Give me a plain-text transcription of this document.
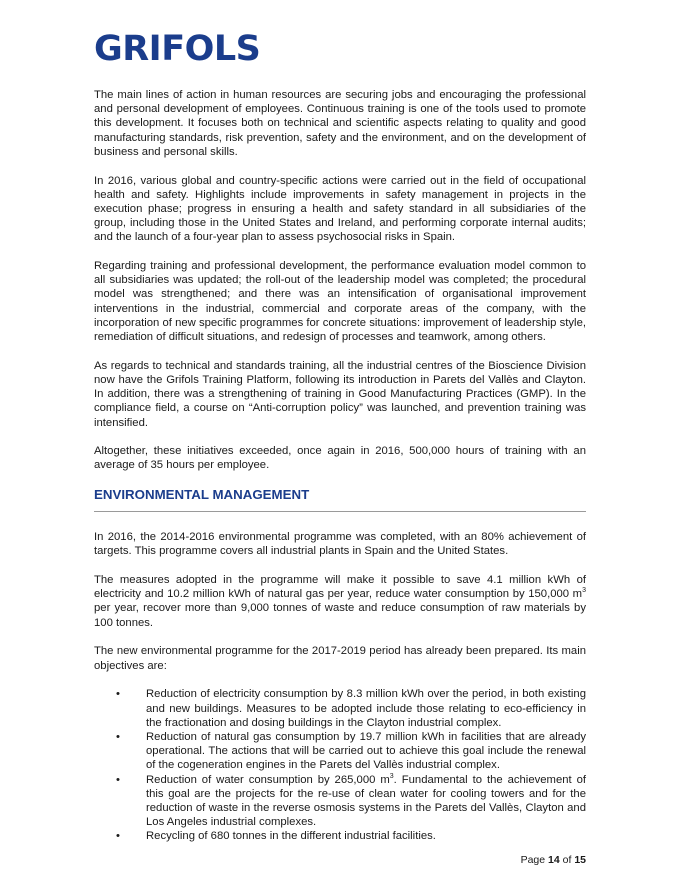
GRIFOLS

The main lines of action in human resources are securing jobs and encouraging the professional and personal development of employees. Continuous training is one of the tools used to promote this development. It focuses both on technical and scientific aspects relating to quality and good manufacturing standards, risk prevention, safety and the environment, and on the development of business and personal skills.

In 2016, various global and country-specific actions were carried out in the field of occupational health and safety. Highlights include improvements in safety management in projects in the execution phase; progress in ensuring a health and safety standard in all subsidiaries of the group, including those in the United States and Ireland, and performing corporate internal audits; and the launch of a four-year plan to assess psychosocial risks in Spain.

Regarding training and professional development, the performance evaluation model common to all subsidiaries was updated; the roll-out of the leadership model was completed; the procedural model was strengthened; and there was an intensification of organisational improvement interventions in the industrial, commercial and corporate areas of the company, with the incorporation of new specific programmes for concrete situations: improvement of leadership style, remediation of difficult situations, and redesign of processes and teamwork, among others.

As regards to technical and standards training, all the industrial centres of the Bioscience Division now have the Grifols Training Platform, following its introduction in Parets del Vallès and Clayton. In addition, there was a strengthening of training in Good Manufacturing Practices (GMP). In the compliance field, a course on “Anti-corruption policy” was launched, and prevention training was intensified.

Altogether, these initiatives exceeded, once again in 2016, 500,000 hours of training with an average of 35 hours per employee.

ENVIRONMENTAL MANAGEMENT

In 2016, the 2014-2016 environmental programme was completed, with an 80% achievement of targets. This programme covers all industrial plants in Spain and the United States.

The measures adopted in the programme will make it possible to save 4.1 million kWh of electricity and 10.2 million kWh of natural gas per year, reduce water consumption by 150,000 $m^3$ per year, recover more than 9,000 tonnes of waste and reduce consumption of raw materials by 100 tonnes.

The new environmental programme for the 2017-2019 period has already been prepared. Its main objectives are:

• Reduction of electricity consumption by 8.3 million kWh over the period, in both existing and new buildings. Measures to be adopted include those relating to eco-efficiency in the fractionation and dosing buildings in the Clayton industrial complex.
• Reduction of natural gas consumption by 19.7 million kWh in facilities that are already operational. The actions that will be carried out to achieve this goal include the renewal of the cogeneration engines in the Parets del Vallès industrial complex.
• Reduction of water consumption by 265,000 $m^3$. Fundamental to the achievement of this goal are the projects for the re-use of clean water for cooling towers and for the reduction of waste in the reverse osmosis systems in the Parets del Vallès, Clayton and Los Angeles industrial complexes.
• Recycling of 680 tonnes in the different industrial facilities.
Page 14 of 15
